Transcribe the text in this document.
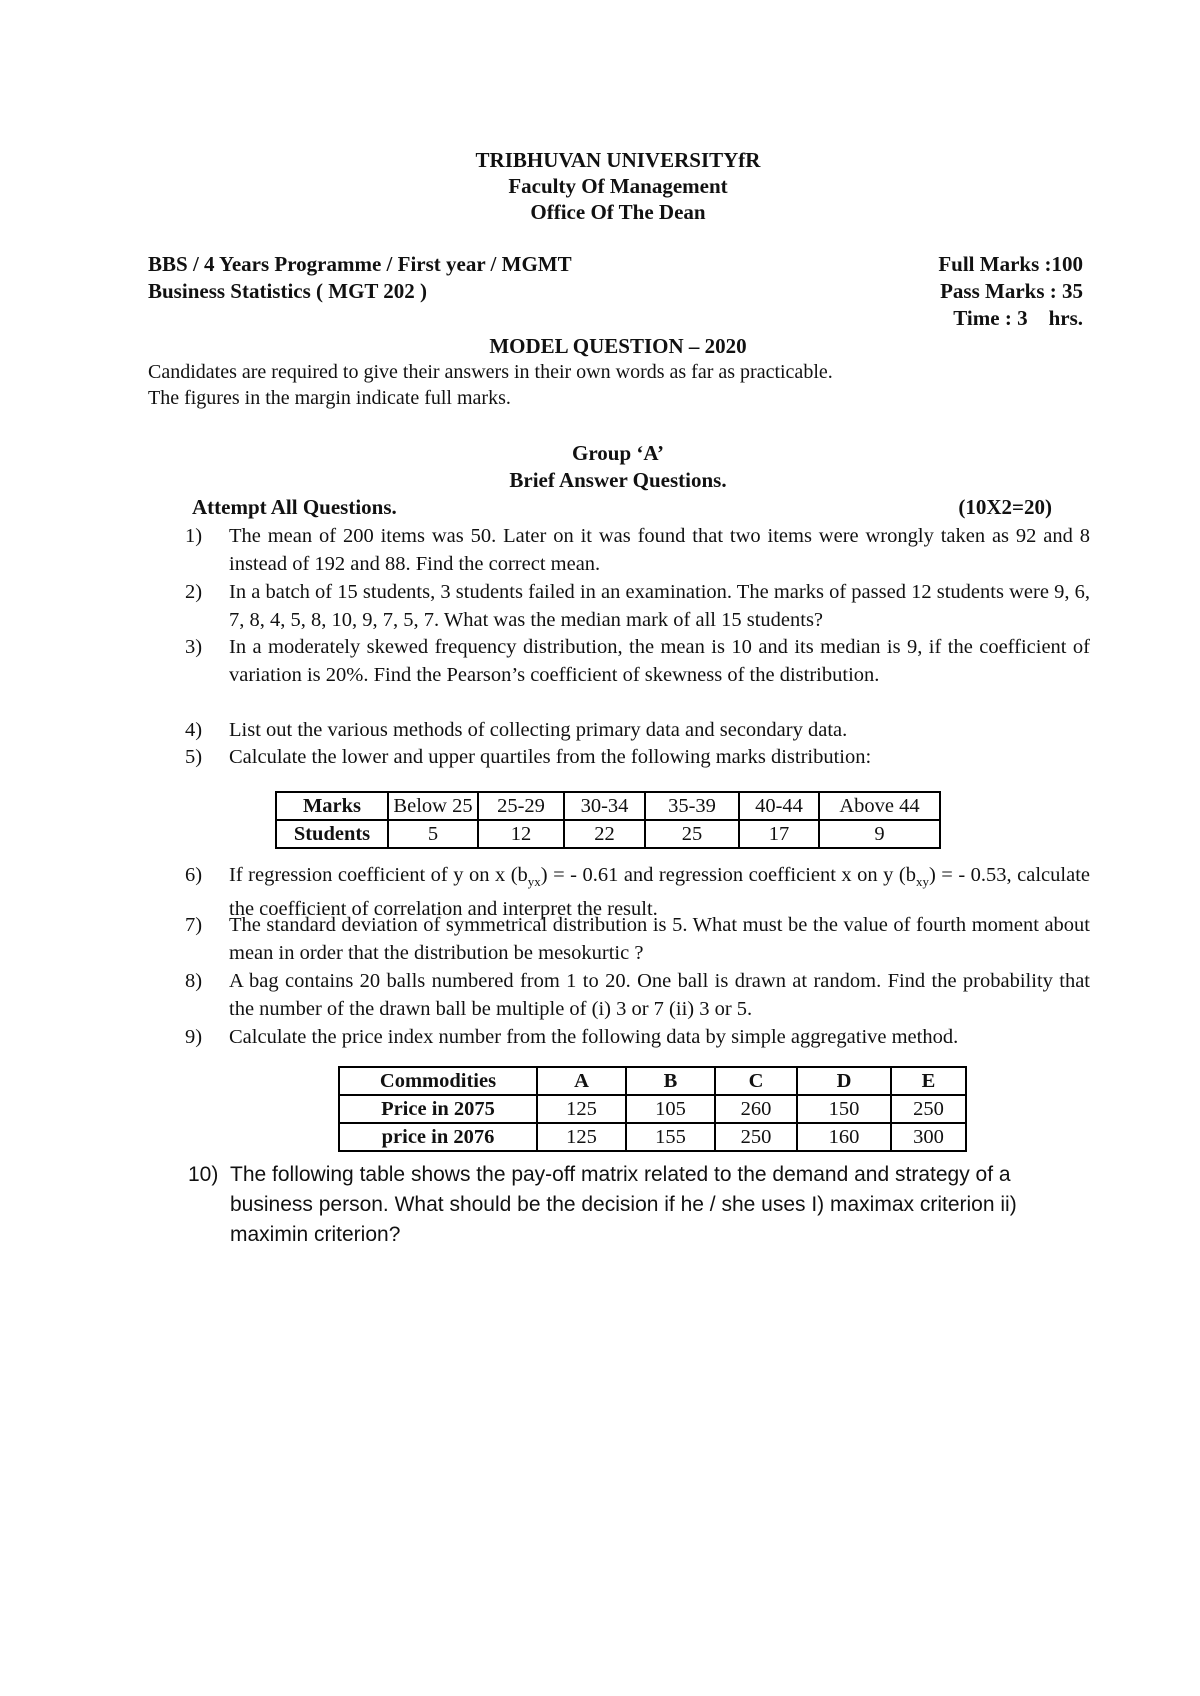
TRIBHUVAN UNIVERSITYfR
Faculty Of Management
Office Of The Dean
BBS / 4 Years Programme / First year / MGMT
Business Statistics ( MGT 202 )
Full Marks :100
Pass Marks : 35
Time : 3    hrs.
MODEL QUESTION – 2020
Candidates are required to give their answers in their own words as far as practicable.
The figures in the margin indicate full marks.
Group ‘A’
Brief Answer Questions.
Attempt All Questions.	(10X2=20)
1) The mean of 200 items was 50. Later on it was found that two items were wrongly taken as 92 and 8 instead of 192 and 88. Find the correct mean.
2) In a batch of 15 students, 3 students failed in an examination. The marks of passed 12 students were 9, 6, 7, 8, 4, 5, 8, 10, 9, 7, 5, 7. What was the median mark of all 15 students?
3) In a moderately skewed frequency distribution, the mean is 10 and its median is 9, if the coefficient of variation is 20%. Find the Pearson’s coefficient of skewness of the distribution.
4) List out the various methods of collecting primary data and secondary data.
5) Calculate the lower and upper quartiles from the following marks distribution:
Marks	Below 25	25-29	30-34	35-39	40-44	Above 44
Students	5	12	22	25	17	9
6) If regression coefficient of y on x $(b_{yx})$ = - 0.61 and regression coefficient x on y $(b_{xy})$ = - 0.53, calculate the coefficient of correlation and interpret the result.
7) The standard deviation of symmetrical distribution is 5. What must be the value of fourth moment about mean in order that the distribution be mesokurtic ?
8) A bag contains 20 balls numbered from 1 to 20. One ball is drawn at random. Find the probability that the number of the drawn ball be multiple of (i) 3 or 7 (ii) 3 or 5.
9) Calculate the price index number from the following data by simple aggregative method.
Commodities	A	B	C	D	E
Price in 2075	125	105	260	150	250
price in 2076	125	155	250	160	300
10) The following table shows the pay-off matrix related to the demand and strategy of a business person. What should be the decision if he / she uses I) maximax criterion ii) maximin criterion?
